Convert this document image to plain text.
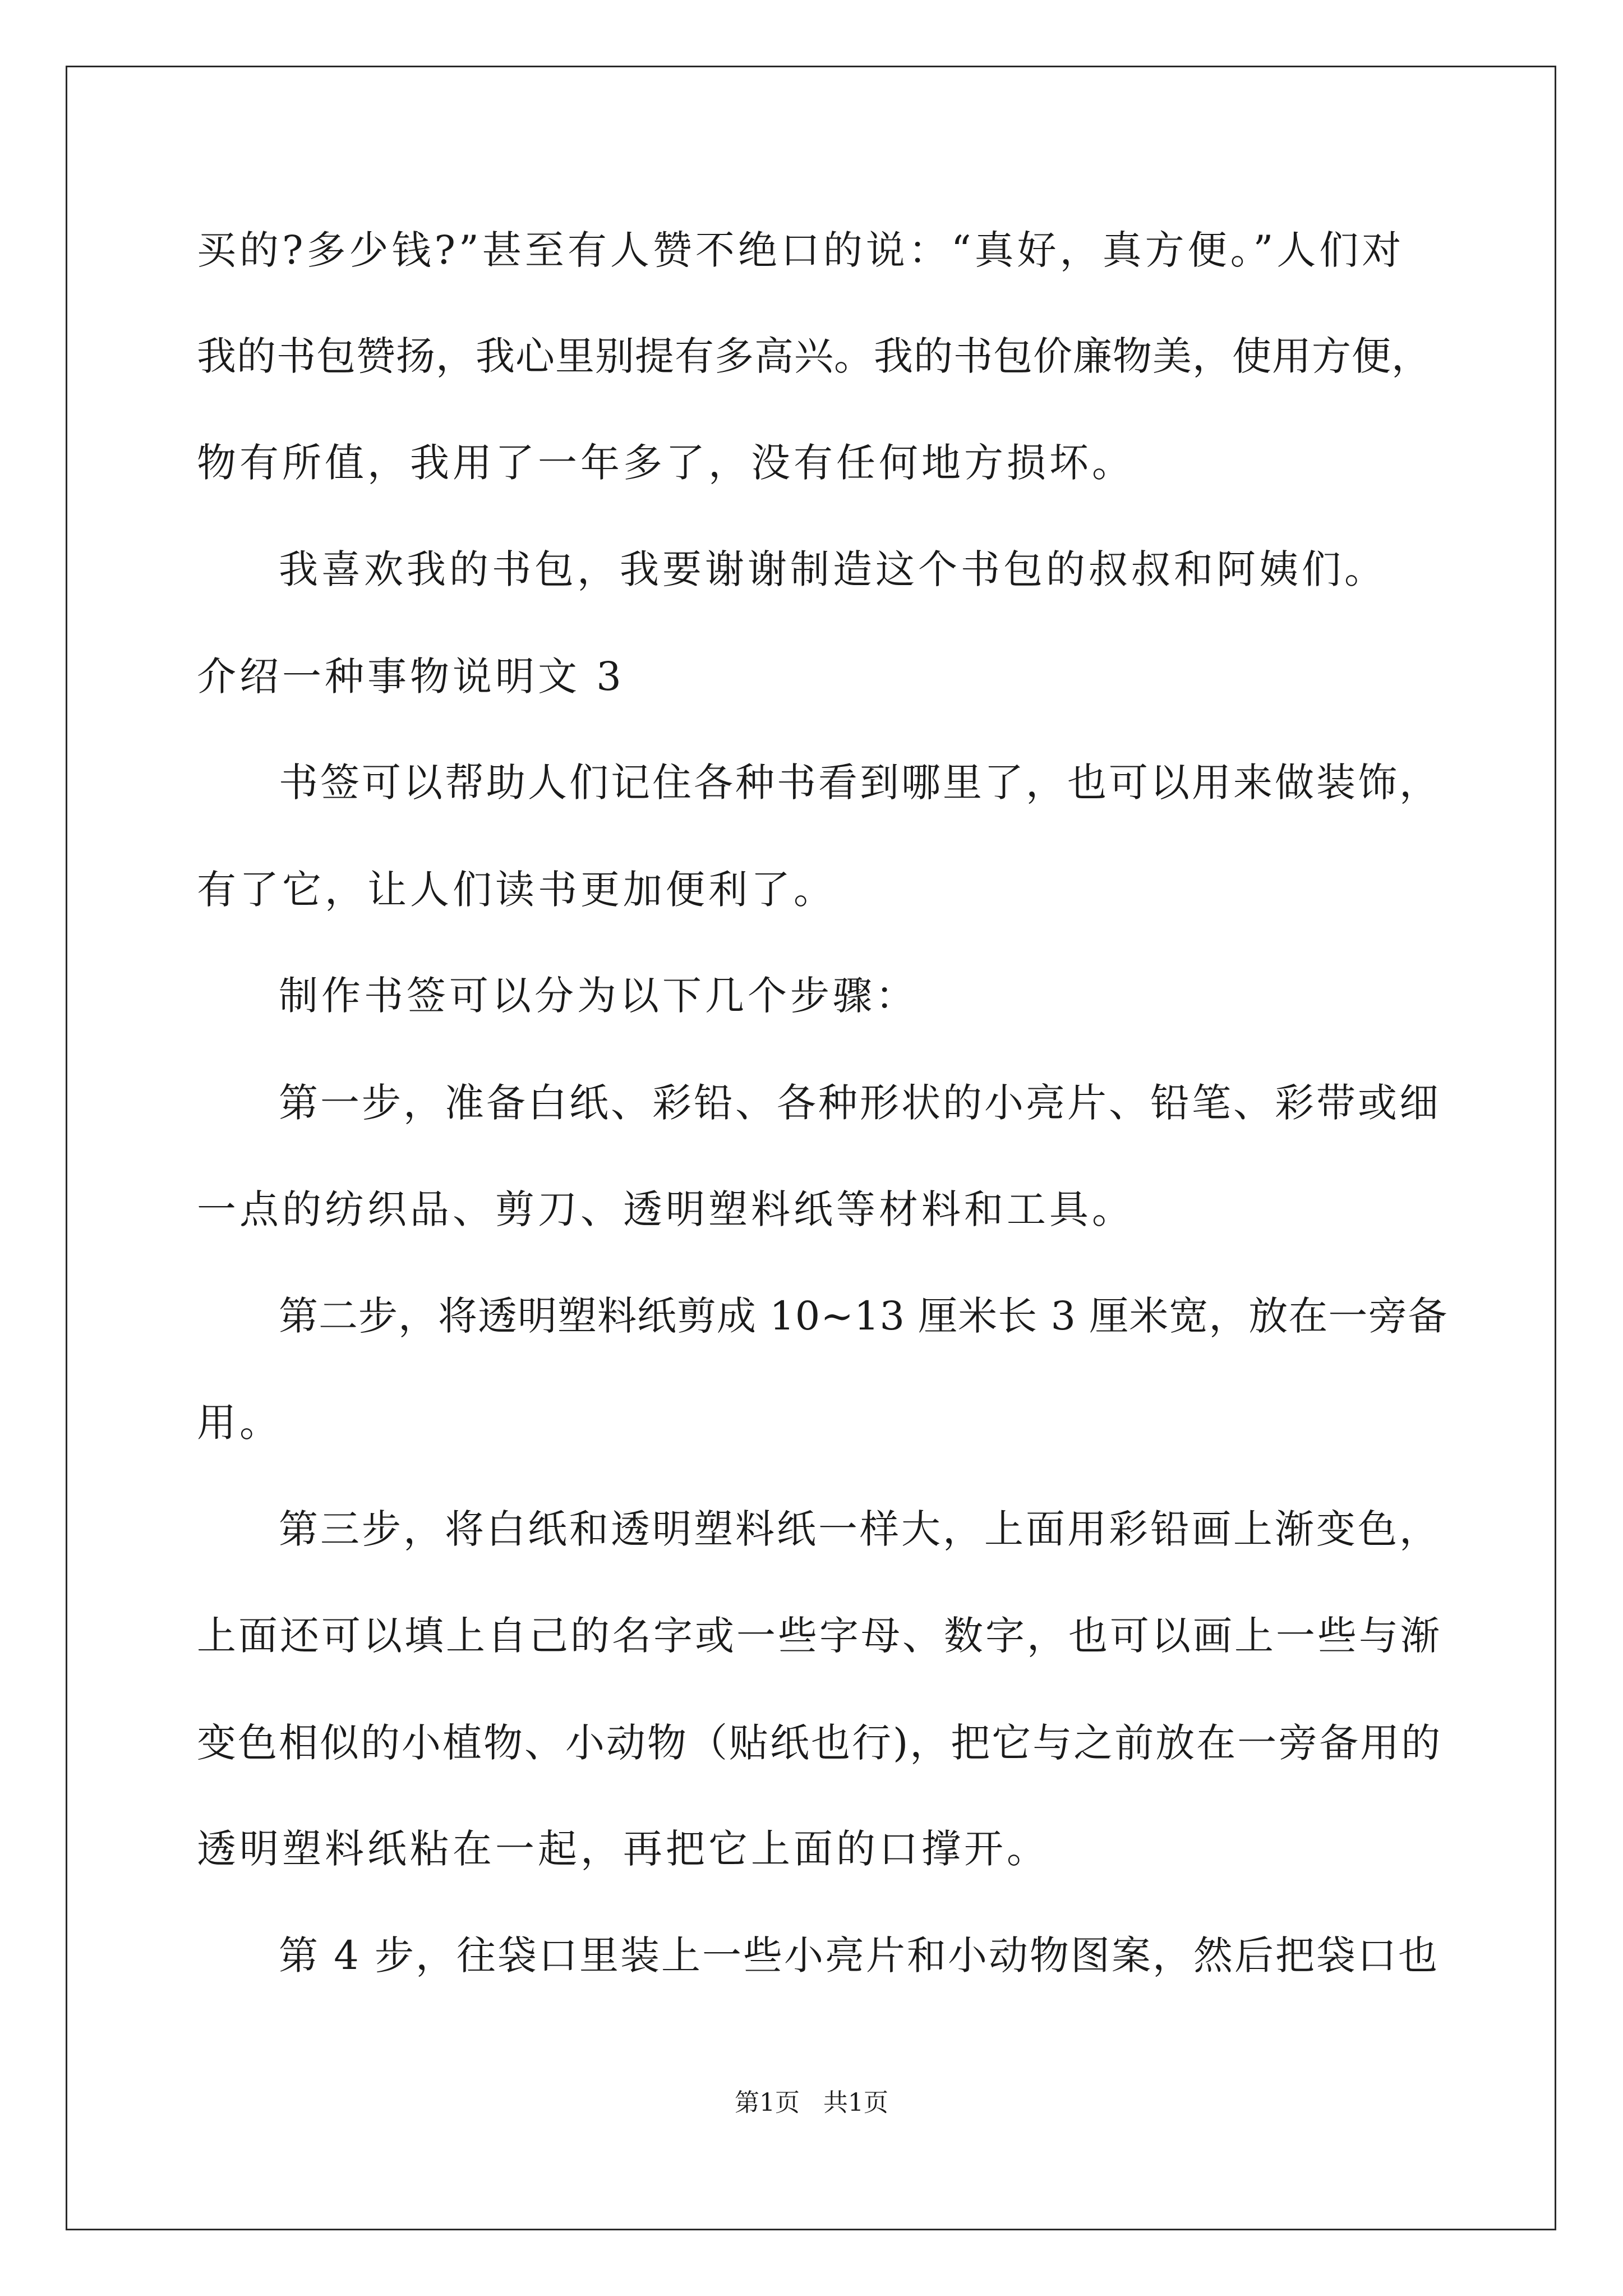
买的?多少钱?”甚至有人赞不绝口的说：“真好，真方便。”人们对
我的书包赞扬，我心里别提有多高兴。我的书包价廉物美，使用方便，
物有所值，我用了一年多了，没有任何地方损坏。
我喜欢我的书包，我要谢谢制造这个书包的叔叔和阿姨们。
介绍一种事物说明文 3
书签可以帮助人们记住各种书看到哪里了，也可以用来做装饰，
有了它，让人们读书更加便利了。
制作书签可以分为以下几个步骤：
第一步，准备白纸、彩铅、各种形状的小亮片、铅笔、彩带或细
一点的纺织品、剪刀、透明塑料纸等材料和工具。
第二步，将透明塑料纸剪成 10~13 厘米长 3 厘米宽，放在一旁备
用。
第三步，将白纸和透明塑料纸一样大，上面用彩铅画上渐变色，
上面还可以填上自己的名字或一些字母、数字，也可以画上一些与渐
变色相似的小植物、小动物（贴纸也行)，把它与之前放在一旁备用的
透明塑料纸粘在一起，再把它上面的口撑开。
第 4 步，往袋口里装上一些小亮片和小动物图案，然后把袋口也
第1页   共1页
